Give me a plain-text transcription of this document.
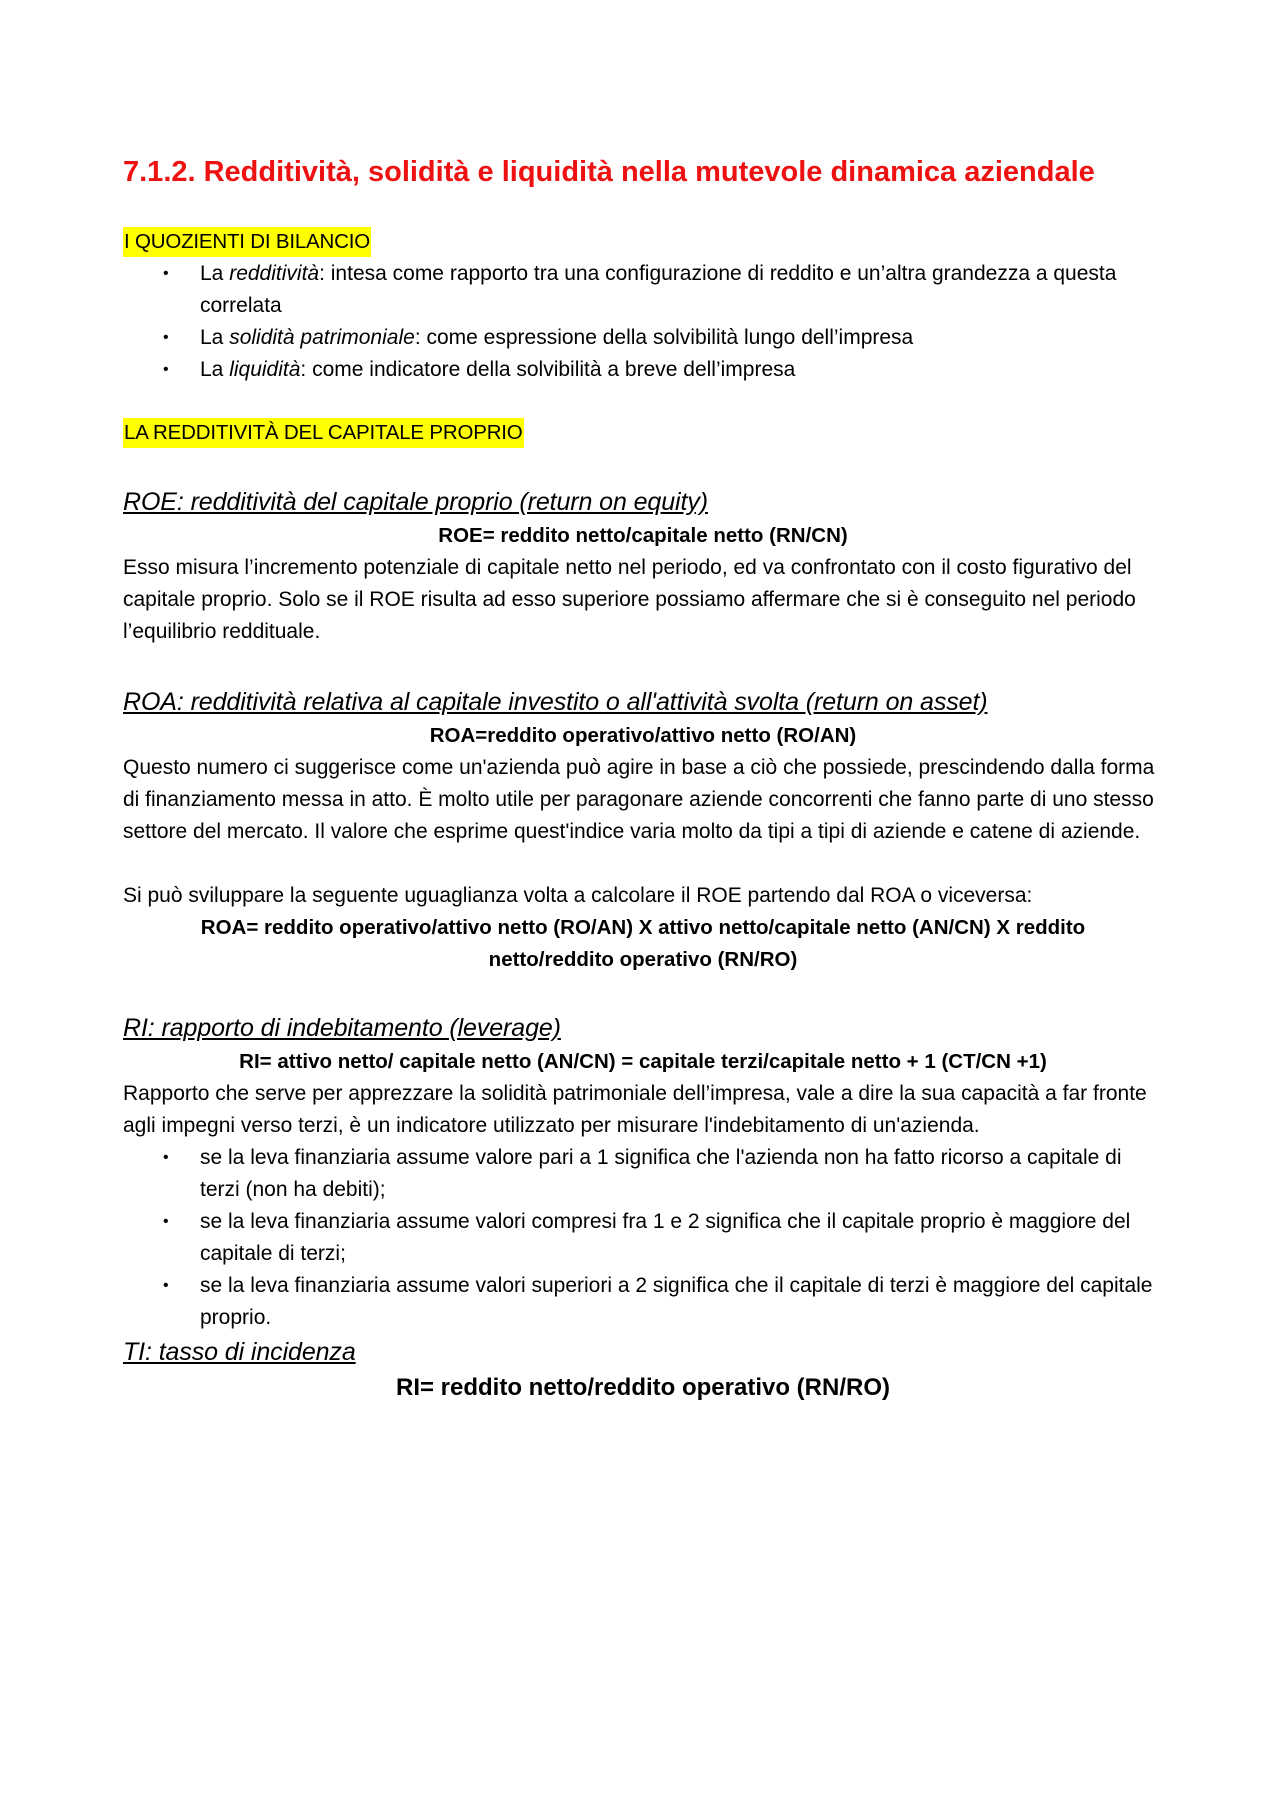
7.1.2. Redditività, solidità e liquidità nella mutevole dinamica aziendale
I QUOZIENTI DI BILANCIO
• La redditività: intesa come rapporto tra una configurazione di reddito e un’altra grandezza a questa correlata
• La solidità patrimoniale: come espressione della solvibilità lungo dell’impresa
• La liquidità: come indicatore della solvibilità a breve dell’impresa
LA REDDITIVITÀ DEL CAPITALE PROPRIO
ROE: redditività del capitale proprio (return on equity)
ROE= reddito netto/capitale netto (RN/CN)

Esso misura l’incremento potenziale di capitale netto nel periodo, ed va confrontato con il costo figurativo del capitale proprio. Solo se il ROE risulta ad esso superiore possiamo affermare che si è conseguito nel periodo l’equilibrio reddituale.

ROA: redditività relativa al capitale investito o all'attività svolta (return on asset)
ROA=reddito operativo/attivo netto (RO/AN)

Questo numero ci suggerisce come un'azienda può agire in base a ciò che possiede, prescindendo dalla forma di finanziamento messa in atto. È molto utile per paragonare aziende concorrenti che fanno parte di uno stesso settore del mercato. Il valore che esprime quest'indice varia molto da tipi a tipi di aziende e catene di aziende.

Si può sviluppare la seguente uguaglianza volta a calcolare il ROE partendo dal ROA o viceversa:

ROA= reddito operativo/attivo netto (RO/AN) X attivo netto/capitale netto (AN/CN) X reddito netto/reddito operativo (RN/RO)
RI: rapporto di indebitamento (leverage)
RI= attivo netto/ capitale netto (AN/CN) = capitale terzi/capitale netto + 1 (CT/CN +1)

Rapporto che serve per apprezzare la solidità patrimoniale dell’impresa, vale a dire la sua capacità a far fronte agli impegni verso terzi, è un indicatore utilizzato per misurare l'indebitamento di un'azienda.

• se la leva finanziaria assume valore pari a 1 significa che l'azienda non ha fatto ricorso a capitale di terzi (non ha debiti);
• se la leva finanziaria assume valori compresi fra 1 e 2 significa che il capitale proprio è maggiore del capitale di terzi;
• se la leva finanziaria assume valori superiori a 2 significa che il capitale di terzi è maggiore del capitale proprio.
TI: tasso di incidenza
RI= reddito netto/reddito operativo (RN/RO)
